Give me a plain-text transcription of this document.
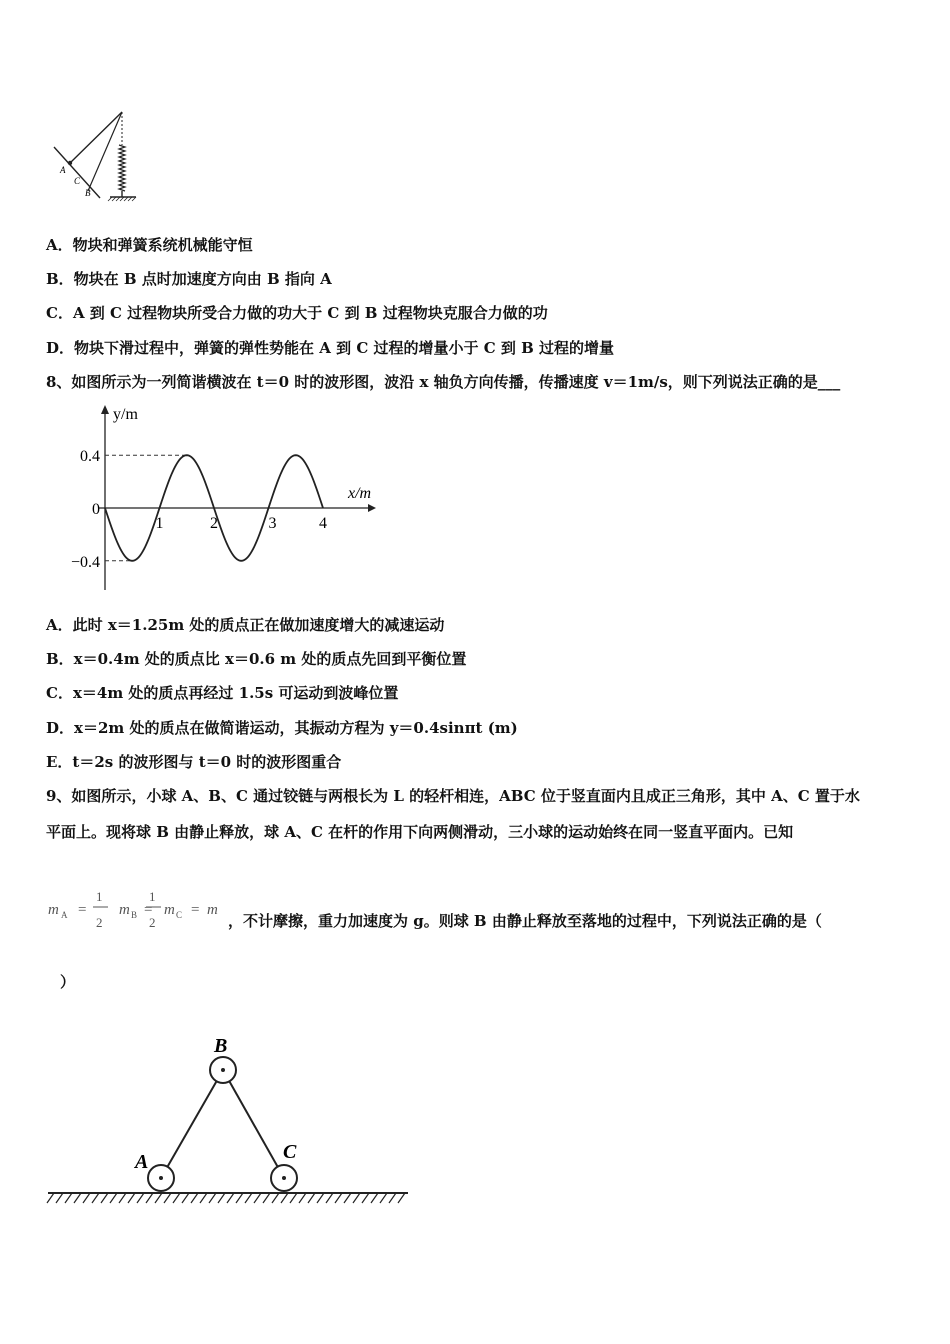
A
C
B
A．物块和弹簧系统机械能守恒
B．物块在 B 点时加速度方向由 B 指向 A
C．A 到 C 过程物块所受合力做的功大于 C 到 B 过程物块克服合力做的功
D．物块下滑过程中，弹簧的弹性势能在 A 到 C 过程的增量小于 C 到 B 过程的增量
8、如图所示为一列简谐横波在 t＝0 时的波形图，波沿 x 轴负方向传播，传播速度 v＝1m/s，则下列说法正确的是___
y/m
x/m
1	2	3	4
0.4
0
−0.4
A．此时 x＝1.25m 处的质点正在做加速度增大的减速运动
B．x＝0.4m 处的质点比 x＝0.6 m 处的质点先回到平衡位置
C．x＝4m 处的质点再经过 1.5s 可运动到波峰位置
D．x＝2m 处的质点在做简谐运动，其振动方程为 y＝0.4sinπt (m)
E．t＝2s 的波形图与 t＝0 时的波形图重合
9、如图所示，小球 A、B、C 通过铰链与两根长为 L 的轻杆相连，ABC 位于竖直面内且成正三角形，其中 A、C 置于水
平面上。现将球 B 由静止释放，球 A、C 在杆的作用下向两侧滑动，三小球的运动始终在同一竖直平面内。已知
m	m m m
A	B	C
=	=	=
1
2
1
2	，不计摩擦，重力加速度为 g。则球 B 由静止释放至落地的过程中，下列说法正确的是（
）
B
A	C
